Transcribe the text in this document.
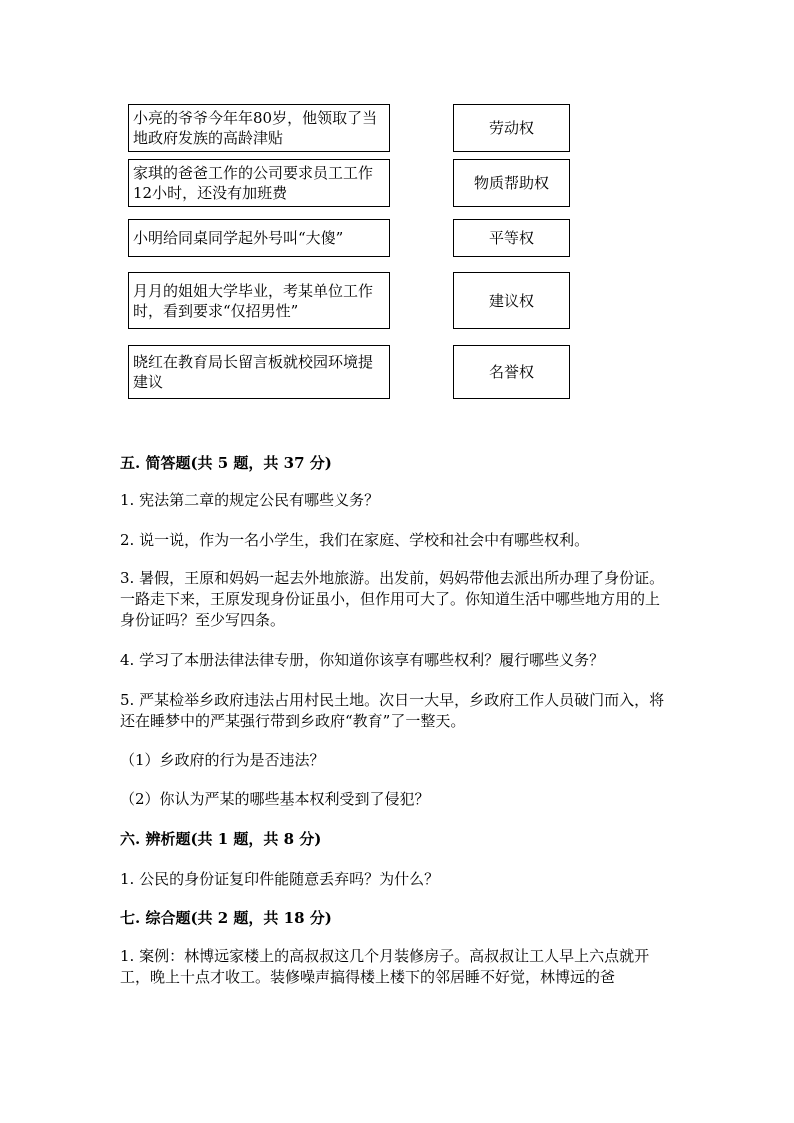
小亮的爷爷今年年80岁，他领取了当地政府发族的高龄津贴
家琪的爸爸工作的公司要求员工工作12小时，还没有加班费
小明给同桌同学起外号叫“大傻”
月月的姐姐大学毕业，考某单位工作时，看到要求“仅招男性”
晓红在教育局长留言板就校园环境提建议
劳动权
物质帮助权
平等权
建议权
名誉权
五. 简答题(共 5 题，共 37 分)
1. 宪法第二章的规定公民有哪些义务？
2. 说一说，作为一名小学生，我们在家庭、学校和社会中有哪些权利。
3. 暑假，王原和妈妈一起去外地旅游。出发前，妈妈带他去派出所办理了身份证。一路走下来，王原发现身份证虽小，但作用可大了。你知道生活中哪些地方用的上身份证吗？至少写四条。
4. 学习了本册法律法律专册，你知道你该享有哪些权利？履行哪些义务？
5. 严某检举乡政府违法占用村民土地。次日一大早，乡政府工作人员破门而入，将还在睡梦中的严某强行带到乡政府“教育”了一整天。
（1）乡政府的行为是否违法？
（2）你认为严某的哪些基本权利受到了侵犯？
六. 辨析题(共 1 题，共 8 分)
1. 公民的身份证复印件能随意丢弃吗？为什么？
七. 综合题(共 2 题，共 18 分)
1. 案例：林博远家楼上的高叔叔这几个月装修房子。高叔叔让工人早上六点就开工，晚上十点才收工。装修噪声搞得楼上楼下的邻居睡不好觉，林博远的爸
